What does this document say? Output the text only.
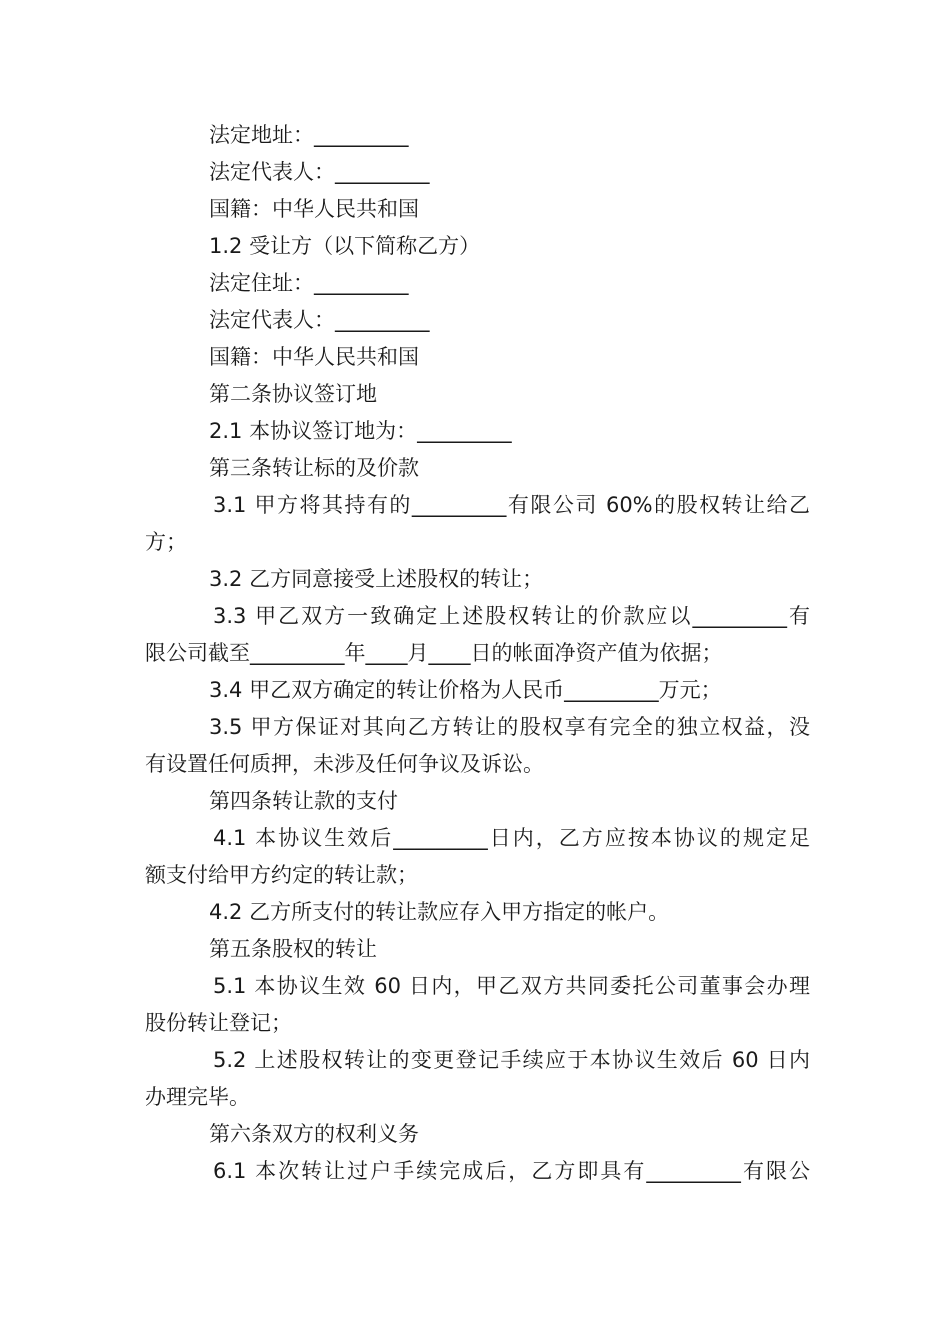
法定地址：_________

法定代表人：_________

国籍：中华人民共和国

1.2 受让方（以下简称乙方）

法定住址：_________

法定代表人：_________

国籍：中华人民共和国

第二条协议签订地

2.1 本协议签订地为：_________

第三条转让标的及价款

3.1 甲方将其持有的_________有限公司 60%的股权转让给乙

方；

3.2 乙方同意接受上述股权的转让；

3.3 甲乙双方一致确定上述股权转让的价款应以_________有

限公司截至_________年____月____日的帐面净资产值为依据；

3.4 甲乙双方确定的转让价格为人民币_________万元；

3.5 甲方保证对其向乙方转让的股权享有完全的独立权益，没

有设置任何质押，未涉及任何争议及诉讼。

第四条转让款的支付

4.1 本协议生效后_________日内，乙方应按本协议的规定足

额支付给甲方约定的转让款；

4.2 乙方所支付的转让款应存入甲方指定的帐户。

第五条股权的转让

5.1 本协议生效 60 日内，甲乙双方共同委托公司董事会办理

股份转让登记；

5.2 上述股权转让的变更登记手续应于本协议生效后 60 日内

办理完毕。

第六条双方的权利义务

6.1 本次转让过户手续完成后，乙方即具有_________有限公
